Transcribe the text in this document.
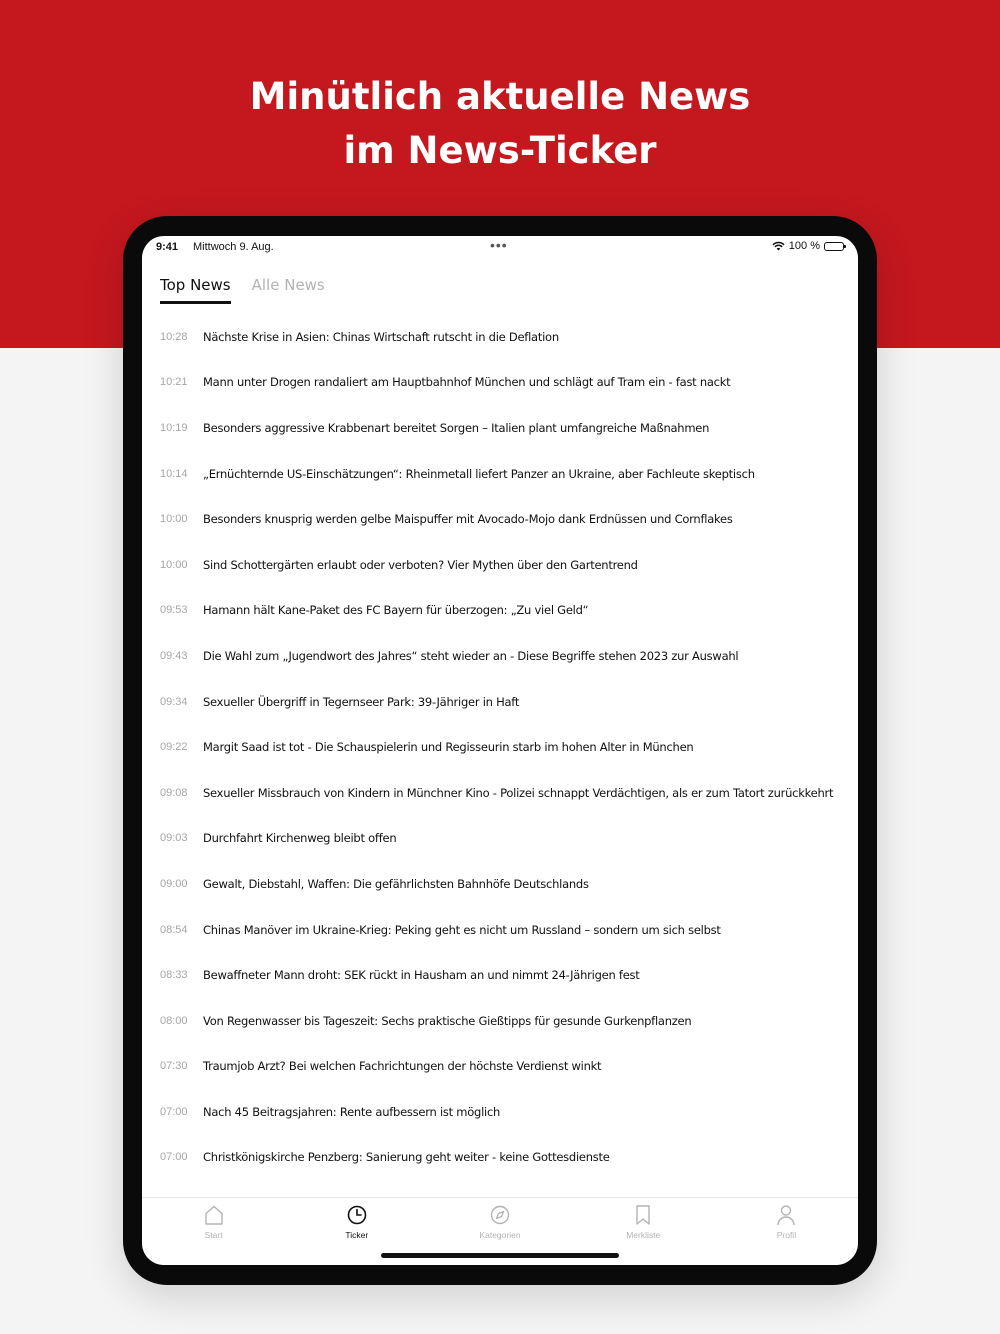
Minütlich aktuelle News
im News-Ticker
9:41 Mittwoch 9. Aug.	•••	100 %
Top News Alle News
10:28	Nächste Krise in Asien: Chinas Wirtschaft rutscht in die Deflation
10:21	Mann unter Drogen randaliert am Hauptbahnhof München und schlägt auf Tram ein - fast nackt
10:19	Besonders aggressive Krabbenart bereitet Sorgen – Italien plant umfangreiche Maßnahmen
10:14	„Ernüchternde US-Einschätzungen“: Rheinmetall liefert Panzer an Ukraine, aber Fachleute skeptisch
10:00	Besonders knusprig werden gelbe Maispuffer mit Avocado-Mojo dank Erdnüssen und Cornflakes
10:00	Sind Schottergärten erlaubt oder verboten? Vier Mythen über den Gartentrend
09:53	Hamann hält Kane-Paket des FC Bayern für überzogen: „Zu viel Geld“
09:43	Die Wahl zum „Jugendwort des Jahres“ steht wieder an - Diese Begriffe stehen 2023 zur Auswahl
09:34	Sexueller Übergriff in Tegernseer Park: 39-Jähriger in Haft
09:22	Margit Saad ist tot - Die Schauspielerin und Regisseurin starb im hohen Alter in München
09:08	Sexueller Missbrauch von Kindern in Münchner Kino - Polizei schnappt Verdächtigen, als er zum Tatort zurückkehrt
09:03	Durchfahrt Kirchenweg bleibt offen
09:00	Gewalt, Diebstahl, Waffen: Die gefährlichsten Bahnhöfe Deutschlands
08:54	Chinas Manöver im Ukraine-Krieg: Peking geht es nicht um Russland – sondern um sich selbst
08:33	Bewaffneter Mann droht: SEK rückt in Hausham an und nimmt 24-Jährigen fest
08:00	Von Regenwasser bis Tageszeit: Sechs praktische Gießtipps für gesunde Gurkenpflanzen
07:30	Traumjob Arzt? Bei welchen Fachrichtungen der höchste Verdienst winkt
07:00	Nach 45 Beitragsjahren: Rente aufbessern ist möglich
07:00	Christkönigskirche Penzberg: Sanierung geht weiter - keine Gottesdienste
Start	Ticker	Kategorien	Merkliste	Profil
